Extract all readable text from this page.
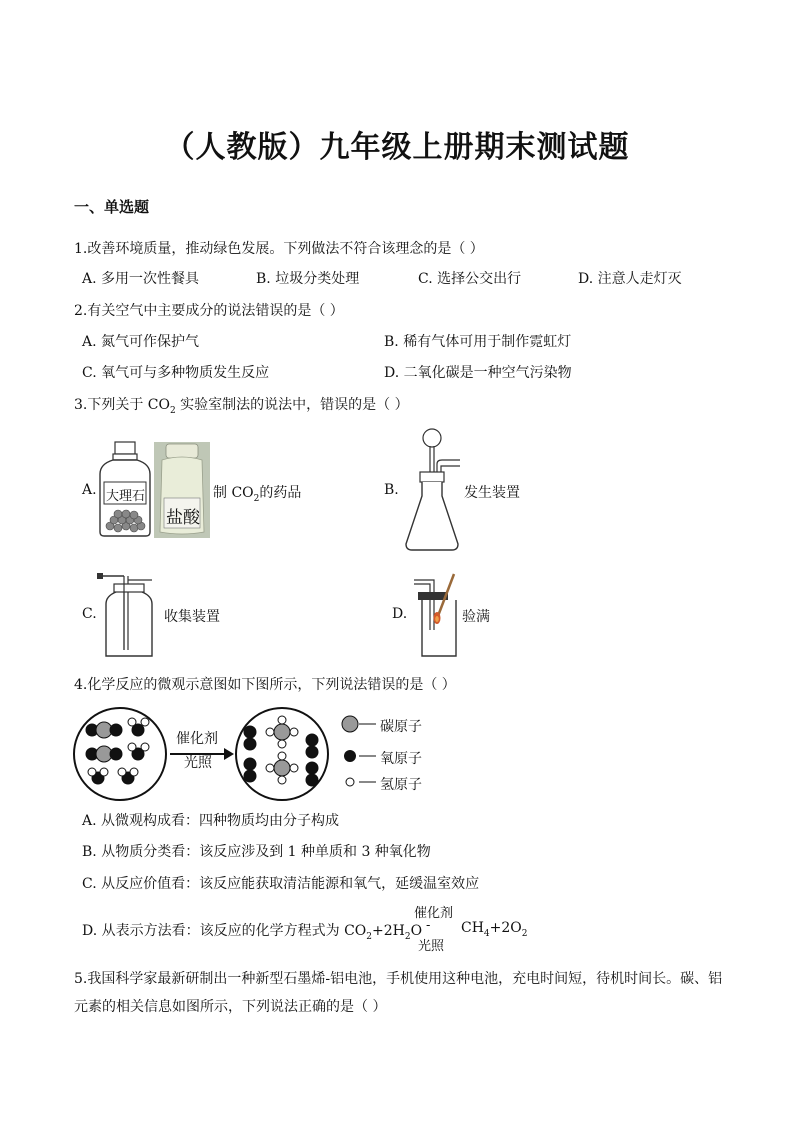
（人教版）九年级上册期末测试题
一、单选题
1.改善环境质量，推动绿色发展。下列做法不符合该理念的是（ ）
A. 多用一次性餐具	B. 垃圾分类处理	C. 选择公交出行	D. 注意人走灯灭
2.有关空气中主要成分的说法错误的是（ ）
A. 氮气可作保护气	B. 稀有气体可用于制作霓虹灯
C. 氧气可与多种物质发生反应	D. 二氧化碳是一种空气污染物
3.下列关于 $CO_2$ 实验室制法的说法中，错误的是（ ）
A. 大理石
盐酸
制 $CO_2$的药品	B.	发生装置
C.	收集装置	D.	验满
4.化学反应的微观示意图如下图所示，下列说法错误的是（ ）
催化剂
光照
碳原子
氧原子
氢原子
A. 从微观构成看：四种物质均由分子构成
B. 从物质分类看：该反应涉及到 1 种单质和 3 种氧化物
C. 从反应价值看：该反应能获取清洁能源和氧气，延缓温室效应
D. 从表示方法看：该反应的化学方程式为 $CO_2+2H_2O$
催化剂
-
光照
$CH_4+2O_2$
5.我国科学家最新研制出一种新型石墨烯-铝电池，手机使用这种电池，充电时间短，待机时间长。碳、铝
元素的相关信息如图所示，下列说法正确的是（ ）
